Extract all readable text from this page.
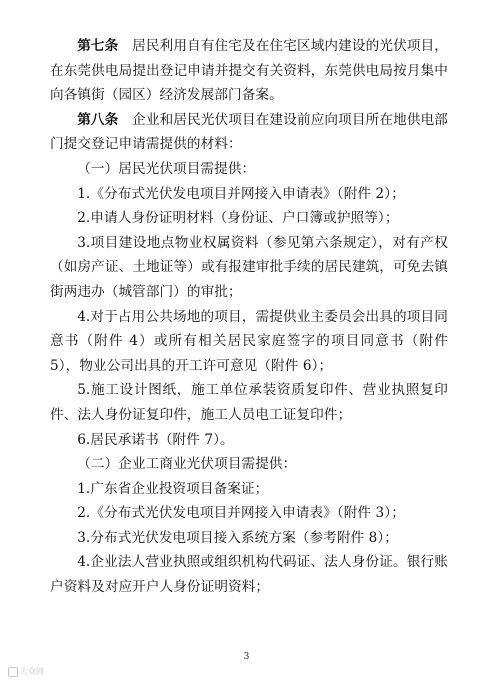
第七条　居民利用自有住宅及在住宅区域内建设的光伏项目，在东莞供电局提出登记申请并提交有关资料，东莞供电局按月集中向各镇街（园区）经济发展部门备案。

第八条　企业和居民光伏项目在建设前应向项目所在地供电部门提交登记申请需提供的材料：

（一）居民光伏项目需提供：

1.《分布式光伏发电项目并网接入申请表》（附件 2）；

2.申请人身份证明材料（身份证、户口簿或护照等）；

3.项目建设地点物业权属资料（参见第六条规定），对有产权（如房产证、土地证等）或有报建审批手续的居民建筑，可免去镇街两违办（城管部门）的审批；

4.对于占用公共场地的项目，需提供业主委员会出具的项目同意书（附件 4）或所有相关居民家庭签字的项目同意书（附件 5），物业公司出具的开工许可意见（附件 6）；

5.施工设计图纸，施工单位承装资质复印件、营业执照复印件、法人身份证复印件，施工人员电工证复印件；

6.居民承诺书（附件 7）。

（二）企业工商业光伏项目需提供：

1.广东省企业投资项目备案证；

2.《分布式光伏发电项目并网接入申请表》（附件 3）；

3.分布式光伏发电项目接入系统方案（参考附件 8）；

4.企业法人营业执照或组织机构代码证、法人身份证。银行账户资料及对应开户人身份证明资料；

3
大众网
